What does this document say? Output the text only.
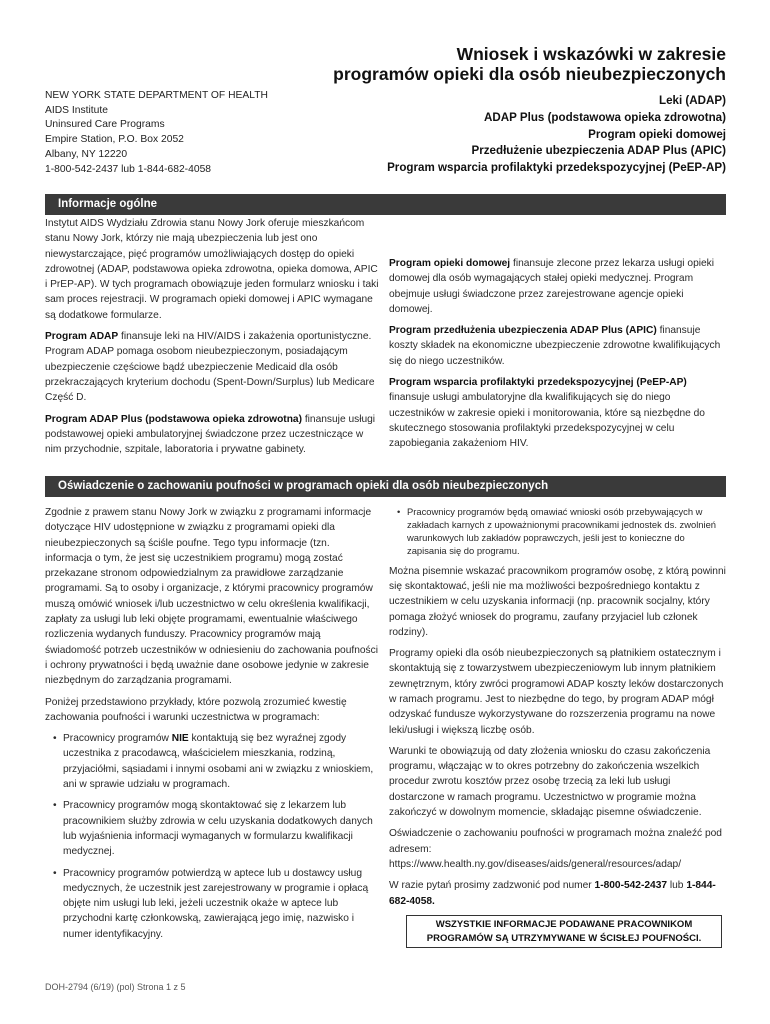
Wniosek i wskazówki w zakresie
programów opieki dla osób nieubezpieczonych
NEW YORK STATE DEPARTMENT OF HEALTH
AIDS Institute
Uninsured Care Programs
Empire Station, P.O. Box 2052
Albany, NY 12220
1-800-542-2437 lub 1-844-682-4058
Leki (ADAP)
ADAP Plus (podstawowa opieka zdrowotna)
Program opieki domowej
Przedłużenie ubezpieczenia ADAP Plus (APIC)
Program wsparcia profilaktyki przedekspozycyjnej (PeEP-AP)
Informacje ogólne

Instytut AIDS Wydziału Zdrowia stanu Nowy Jork oferuje mieszkańcom stanu Nowy Jork, którzy nie mają ubezpieczenia lub jest ono niewystarczające, pięć programów umożliwiających dostęp do opieki zdrowotnej (ADAP, podstawowa opieka zdrowotna, opieka domowa, APIC i PrEP-AP). W tych programach obowiązuje jeden formularz wniosku i taki sam proces rejestracji. W programach opieki domowej i APIC wymagane są dodatkowe formularze.

Program ADAP finansuje leki na HIV/AIDS i zakażenia oportunistyczne. Program ADAP pomaga osobom nieubezpieczonym, posiadającym ubezpieczenie częściowe bądź ubezpieczenie Medicaid dla osób przekraczających kryterium dochodu (Spent-Down/Surplus) lub Medicare Część D.

Program ADAP Plus (podstawowa opieka zdrowotna) finansuje usługi podstawowej opieki ambulatoryjnej świadczone przez uczestniczące w nim przychodnie, szpitale, laboratoria i prywatne gabinety.

Program opieki domowej finansuje zlecone przez lekarza usługi opieki domowej dla osób wymagających stałej opieki medycznej. Program obejmuje usługi świadczone przez zarejestrowane agencje opieki domowej.

Program przedłużenia ubezpieczenia ADAP Plus (APIC) finansuje koszty składek na ekonomiczne ubezpieczenie zdrowotne kwalifikujących się do niego uczestników.

Program wsparcia profilaktyki przedekspozycyjnej (PeEP-AP) finansuje usługi ambulatoryjne dla kwalifikujących się do niego uczestników w zakresie opieki i monitorowania, które są niezbędne do skutecznego stosowania profilaktyki przedekspozycyjnej w celu zapobiegania zakażeniom HIV.

Oświadczenie o zachowaniu poufności w programach opieki dla osób nieubezpieczonych

Zgodnie z prawem stanu Nowy Jork w związku z programami informacje dotyczące HIV udostępnione w związku z programami opieki dla nieubezpieczonych są ściśle poufne. Tego typu informacje (tzn. informacja o tym, że jest się uczestnikiem programu) mogą zostać przekazane stronom odpowiedzialnym za prawidłowe zarządzanie programami. Są to osoby i organizacje, z którymi pracownicy programów muszą omówić wniosek i/lub uczestnictwo w celu określenia kwalifikacji, zapłaty za usługi lub leki objęte programami, ewentualnie właściwego rozliczenia wydanych funduszy. Pracownicy programów mają świadomość potrzeb uczestników w odniesieniu do zachowania poufności i ochrony prywatności i będą uważnie dane osobowe jedynie w zakresie niezbędnym do zarządzania programami.

Poniżej przedstawiono przykłady, które pozwolą zrozumieć kwestię zachowania poufności i warunki uczestnictwa w programach:

• Pracownicy programów NIE kontaktują się bez wyraźnej zgody uczestnika z pracodawcą, właścicielem mieszkania, rodziną, przyjaciółmi, sąsiadami i innymi osobami ani w związku z wnioskiem, ani w sprawie udziału w programach.
• Pracownicy programów mogą skontaktować się z lekarzem lub pracownikiem służby zdrowia w celu uzyskania dodatkowych danych lub wyjaśnienia informacji wymaganych w formularzu kwalifikacji medycznej.
• Pracownicy programów potwierdzą w aptece lub u dostawcy usług medycznych, że uczestnik jest zarejestrowany w programie i opłacą objęte nim usługi lub leki, jeżeli uczestnik okaże w aptece lub przychodni kartę członkowską, zawierającą jego imię, nazwisko i numer identyfikacyjny.
• Pracownicy programów będą omawiać wnioski osób przebywających w zakładach karnych z upoważnionymi pracownikami jednostek ds. zwolnień warunkowych lub zakładów poprawczych, jeśli jest to konieczne do zapisania się do programu.

Można pisemnie wskazać pracownikom programów osobę, z którą powinni się skontaktować, jeśli nie ma możliwości bezpośredniego kontaktu z uczestnikiem w celu uzyskania informacji (np. pracownik socjalny, który pomaga złożyć wniosek do programu, zaufany przyjaciel lub członek rodziny).

Programy opieki dla osób nieubezpieczonych są płatnikiem ostatecznym i skontaktują się z towarzystwem ubezpieczeniowym lub innym płatnikiem zewnętrznym, który zwróci programowi ADAP koszty leków dostarczonych w ramach programu. Jest to niezbędne do tego, by program ADAP mógł odzyskać fundusze wykorzystywane do rozszerzenia programu na nowe leki/usługi i większą liczbę osób.

Warunki te obowiązują od daty złożenia wniosku do czasu zakończenia programu, włączając w to okres potrzebny do zakończenia wszelkich procedur zwrotu kosztów przez osobę trzecią za leki lub usługi dostarczone w ramach programu. Uczestnictwo w programie można zakończyć w dowolnym momencie, składając pisemne oświadczenie.

Oświadczenie o zachowaniu poufności w programach można znaleźć pod adresem:
https://www.health.ny.gov/diseases/aids/general/resources/adap/

W razie pytań prosimy zadzwonić pod numer 1-800-542-2437 lub 1-844-682-4058.

WSZYSTKIE INFORMACJE PODAWANE PRACOWNIKOM
PROGRAMÓW SĄ UTRZYMYWANE W ŚCISŁEJ POUFNOŚCI.
DOH-2794 (6/19) (pol) Strona 1 z 5
